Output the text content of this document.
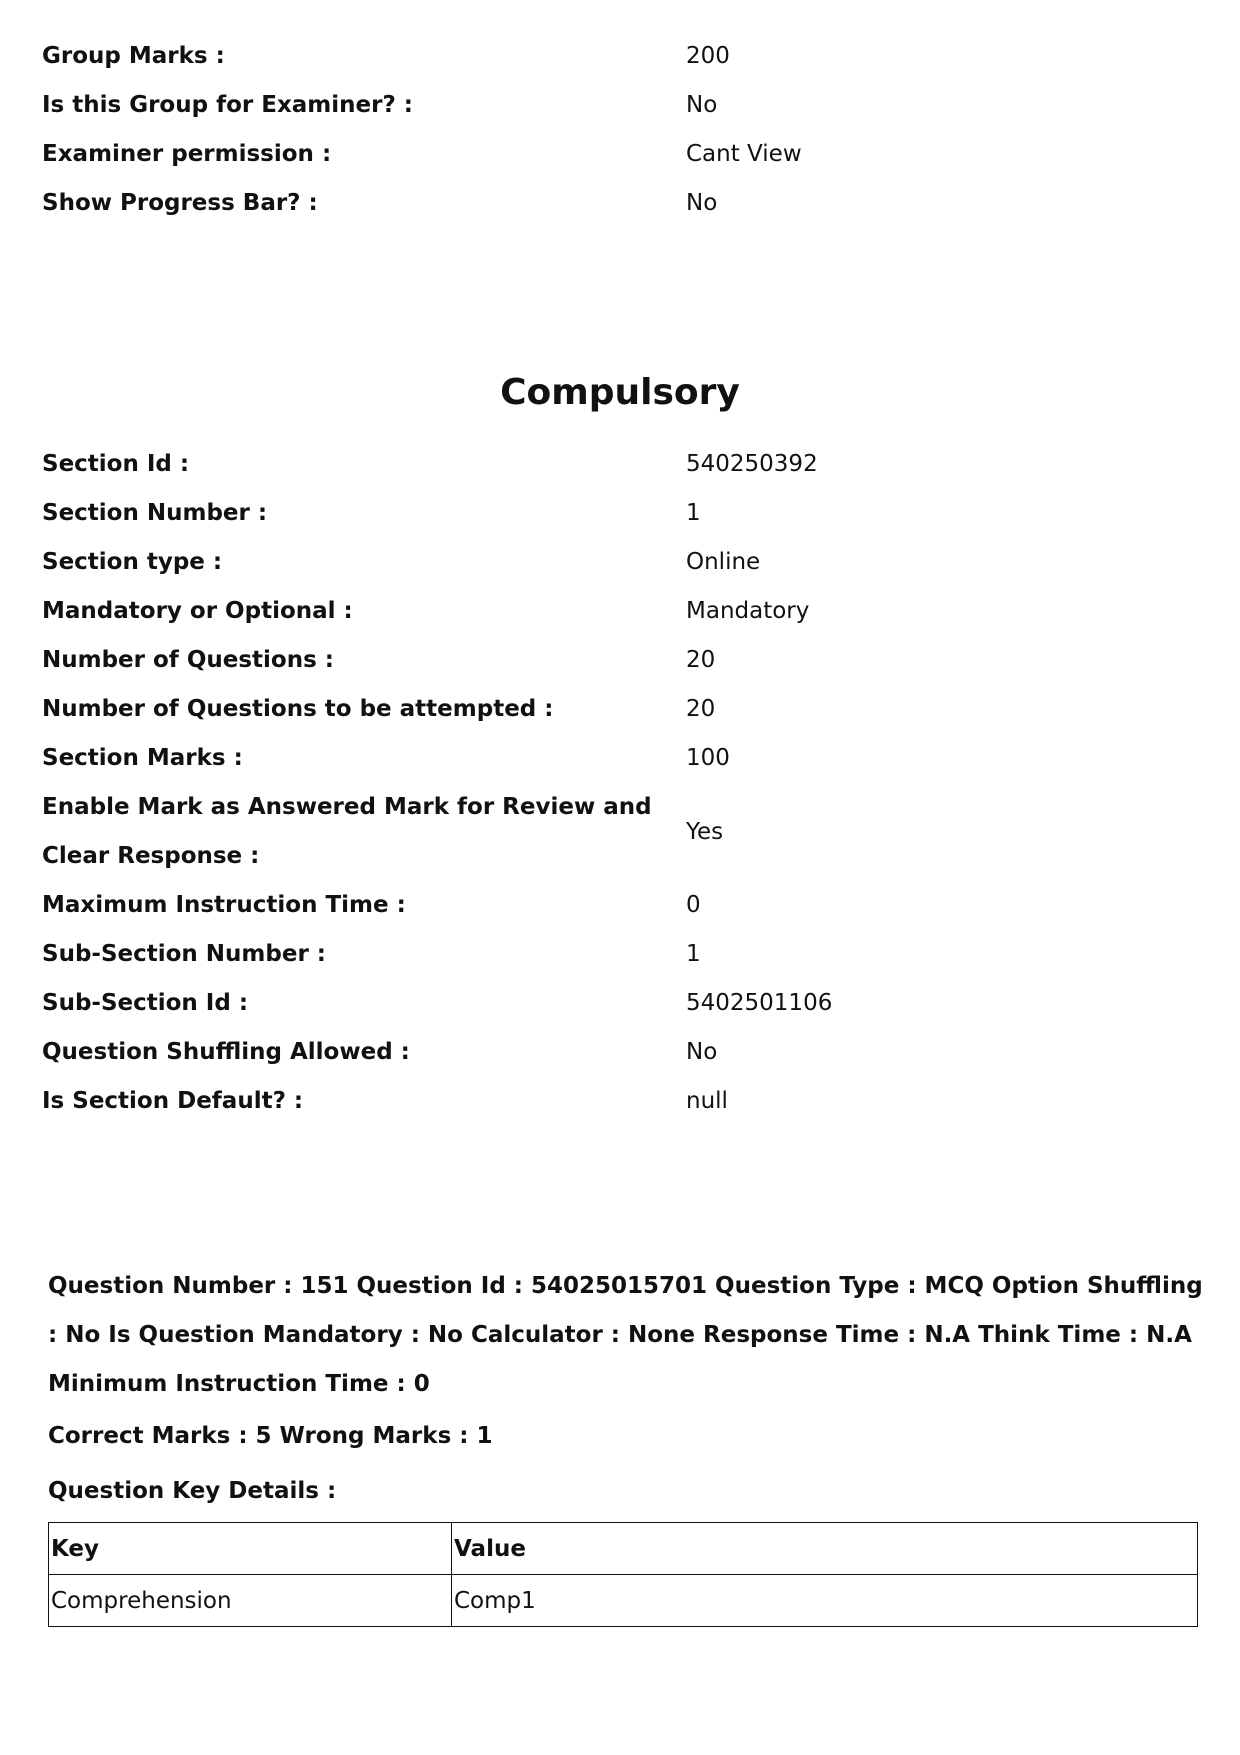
Group Marks :	200
Is this Group for Examiner? :	No
Examiner permission :	Cant View
Show Progress Bar? :	No
Compulsory
Section Id :	540250392
Section Number :	1
Section type :	Online
Mandatory or Optional :	Mandatory
Number of Questions :	20
Number of Questions to be attempted :	20
Section Marks :	100
Enable Mark as Answered Mark for Review and Clear Response :	Yes
Maximum Instruction Time :	0
Sub-Section Number :	1
Sub-Section Id :	5402501106
Question Shuffling Allowed :	No
Is Section Default? :	null

Question Number : 151 Question Id : 54025015701 Question Type : MCQ Option Shuffling : No Is Question Mandatory : No Calculator : None Response Time : N.A Think Time : N.A Minimum Instruction Time : 0

Correct Marks : 5 Wrong Marks : 1

Question Key Details :

Key	Value
Comprehension	Comp1
